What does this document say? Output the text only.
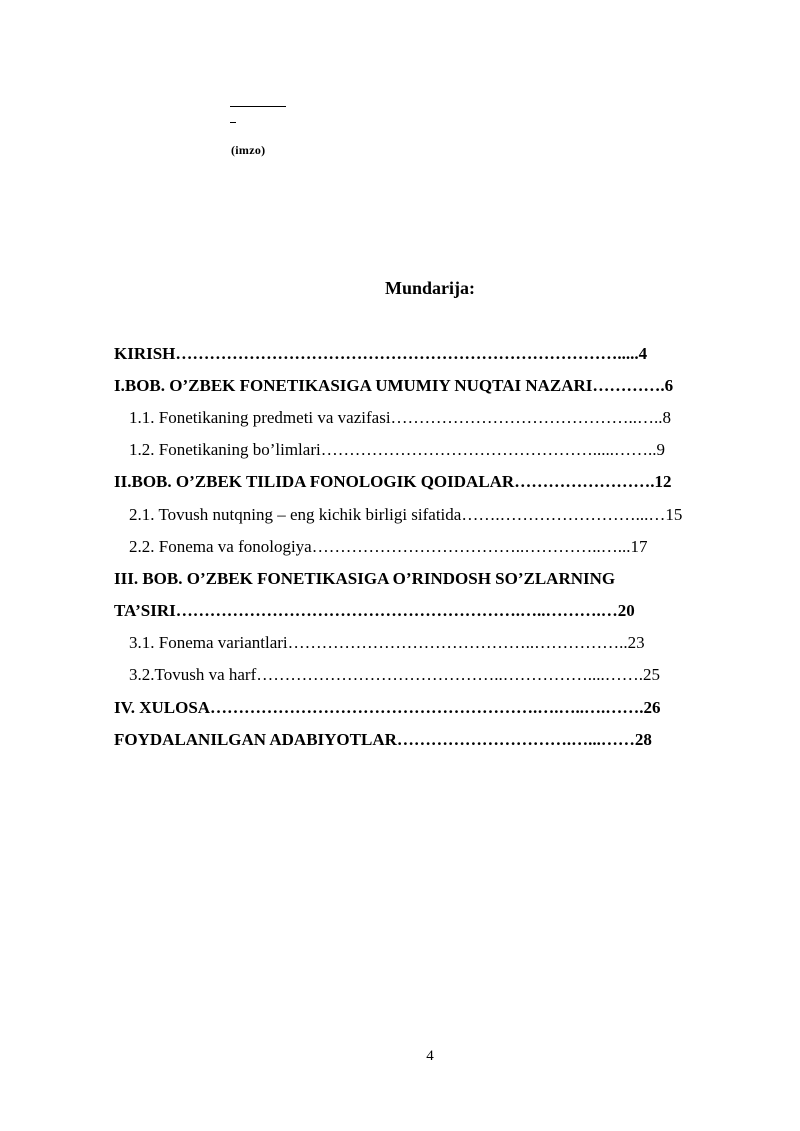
(imzo)
Mundarija:
KIRISH…………………………………………………………………….....4
I.BOB. O’ZBEK FONETIKASIGA UMUMIY NUQTAI NAZARI………….6
1.1. Fonetikaning predmeti va vazifasi……………………………………..…..8
1.2. Fonetikaning bo’limlari………………………………………….....……..9
II.BOB. O’ZBEK TILIDA FONOLOGIK QOIDALAR…………………….12
2.1. Tovush nutqning – eng kichik birligi sifatida…….……………………...…15
2.2. Fonema va fonologiya………………………………..…………..…...17
III. BOB. O’ZBEK FONETIKASIGA O’RINDOSH SO’ZLARNING
TA’SIRI…………………………………………………….…..……….…20
3.1. Fonema variantlari……………………………………..……………..23
3.2.Tovush va harf……………………………………..……………....…….25
IV. XULOSA………………………………………………….….…..….…….26
FOYDALANILGAN ADABIYOTLAR………………………….…...……28
4
